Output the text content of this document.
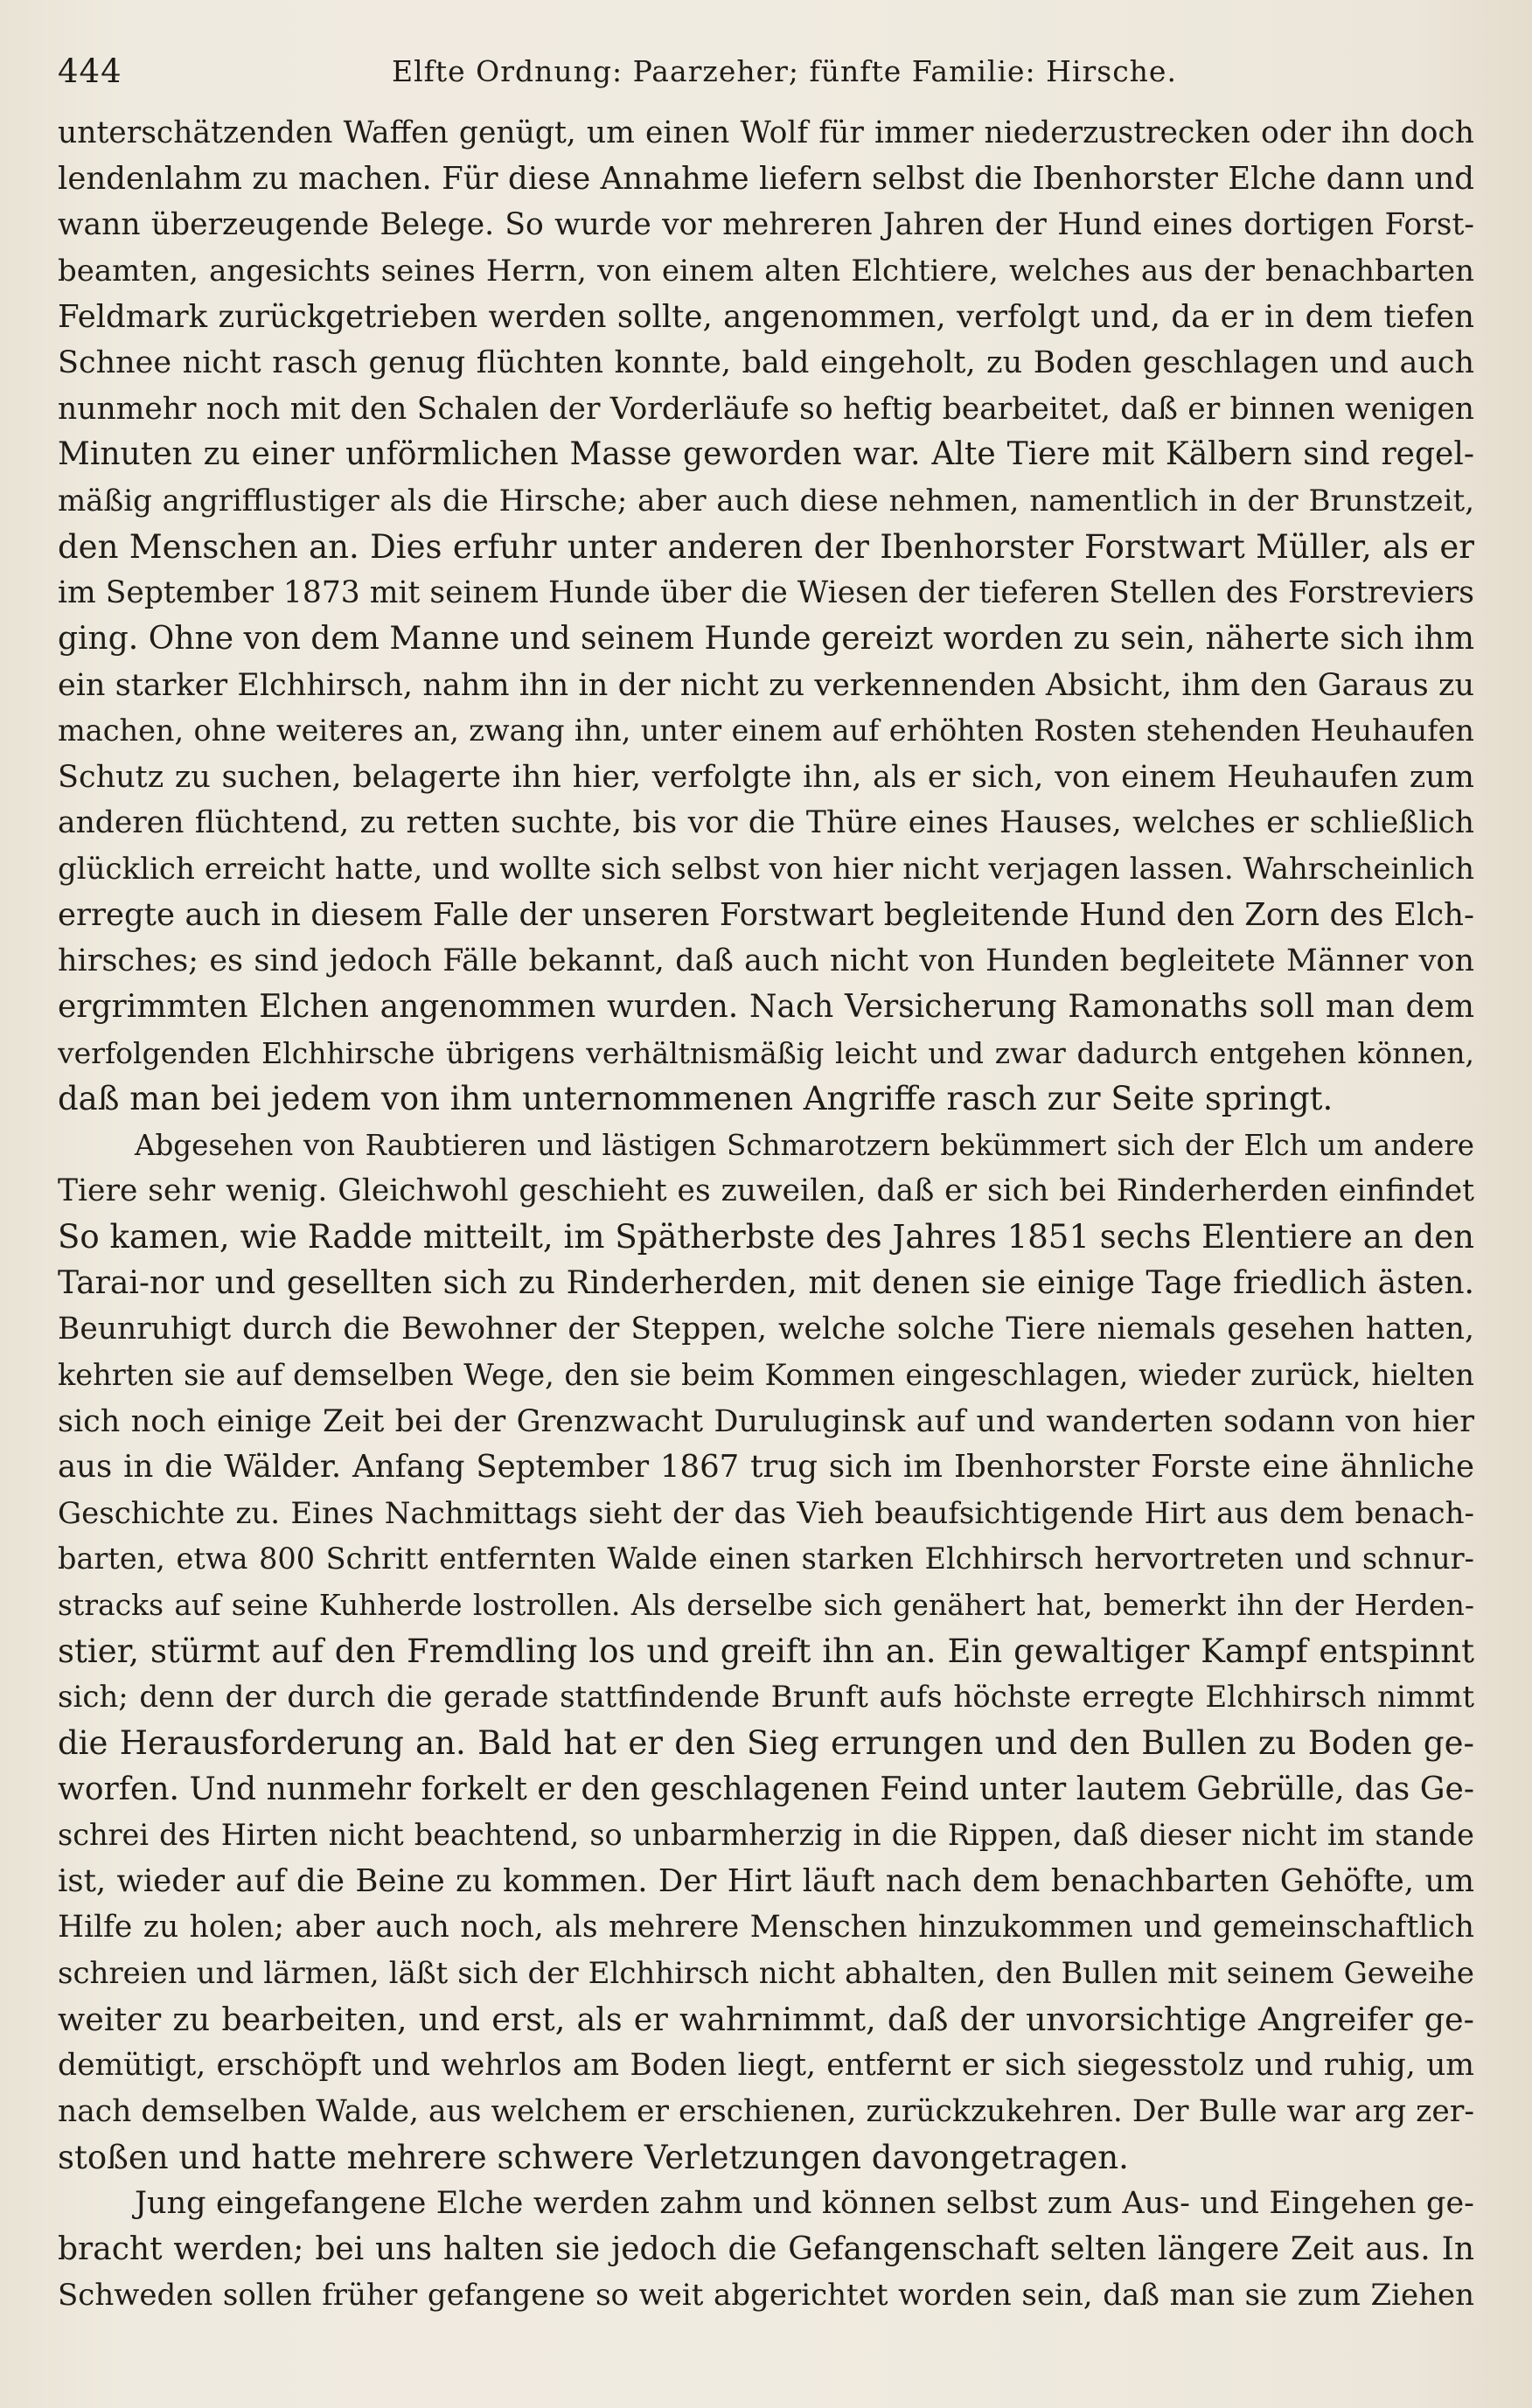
444	Elfte Ordnung: Paarzeher; fünfte Familie: Hirsche.
unterschätzenden Waffen genügt, um einen Wolf für immer niederzustrecken oder ihn doch
lendenlahm zu machen. Für diese Annahme liefern selbst die Ibenhorster Elche dann und
wann überzeugende Belege. So wurde vor mehreren Jahren der Hund eines dortigen Forst-
beamten, angesichts seines Herrn, von einem alten Elchtiere, welches aus der benachbarten
Feldmark zurückgetrieben werden sollte, angenommen, verfolgt und, da er in dem tiefen
Schnee nicht rasch genug flüchten konnte, bald eingeholt, zu Boden geschlagen und auch
nunmehr noch mit den Schalen der Vorderläufe so heftig bearbeitet, daß er binnen wenigen
Minuten zu einer unförmlichen Masse geworden war. Alte Tiere mit Kälbern sind regel-
mäßig angrifflustiger als die Hirsche; aber auch diese nehmen, namentlich in der Brunstzeit,
den Menschen an. Dies erfuhr unter anderen der Ibenhorster Forstwart Müller, als er
im September 1873 mit seinem Hunde über die Wiesen der tieferen Stellen des Forstreviers
ging. Ohne von dem Manne und seinem Hunde gereizt worden zu sein, näherte sich ihm
ein starker Elchhirsch, nahm ihn in der nicht zu verkennenden Absicht, ihm den Garaus zu
machen, ohne weiteres an, zwang ihn, unter einem auf erhöhten Rosten stehenden Heuhaufen
Schutz zu suchen, belagerte ihn hier, verfolgte ihn, als er sich, von einem Heuhaufen zum
anderen flüchtend, zu retten suchte, bis vor die Thüre eines Hauses, welches er schließlich
glücklich erreicht hatte, und wollte sich selbst von hier nicht verjagen lassen. Wahrscheinlich
erregte auch in diesem Falle der unseren Forstwart begleitende Hund den Zorn des Elch-
hirsches; es sind jedoch Fälle bekannt, daß auch nicht von Hunden begleitete Männer von
ergrimmten Elchen angenommen wurden. Nach Versicherung Ramonaths soll man dem
verfolgenden Elchhirsche übrigens verhältnismäßig leicht und zwar dadurch entgehen können,
daß man bei jedem von ihm unternommenen Angriffe rasch zur Seite springt.
Abgesehen von Raubtieren und lästigen Schmarotzern bekümmert sich der Elch um andere
Tiere sehr wenig. Gleichwohl geschieht es zuweilen, daß er sich bei Rinderherden einfindet
So kamen, wie Radde mitteilt, im Spätherbste des Jahres 1851 sechs Elentiere an den
Tarai-nor und gesellten sich zu Rinderherden, mit denen sie einige Tage friedlich ästen.
Beunruhigt durch die Bewohner der Steppen, welche solche Tiere niemals gesehen hatten,
kehrten sie auf demselben Wege, den sie beim Kommen eingeschlagen, wieder zurück, hielten
sich noch einige Zeit bei der Grenzwacht Duruluginsk auf und wanderten sodann von hier
aus in die Wälder. Anfang September 1867 trug sich im Ibenhorster Forste eine ähnliche
Geschichte zu. Eines Nachmittags sieht der das Vieh beaufsichtigende Hirt aus dem benach-
barten, etwa 800 Schritt entfernten Walde einen starken Elchhirsch hervortreten und schnur-
stracks auf seine Kuhherde lostrollen. Als derselbe sich genähert hat, bemerkt ihn der Herden-
stier, stürmt auf den Fremdling los und greift ihn an. Ein gewaltiger Kampf entspinnt
sich; denn der durch die gerade stattfindende Brunft aufs höchste erregte Elchhirsch nimmt
die Herausforderung an. Bald hat er den Sieg errungen und den Bullen zu Boden ge-
worfen. Und nunmehr forkelt er den geschlagenen Feind unter lautem Gebrülle, das Ge-
schrei des Hirten nicht beachtend, so unbarmherzig in die Rippen, daß dieser nicht im stande
ist, wieder auf die Beine zu kommen. Der Hirt läuft nach dem benachbarten Gehöfte, um
Hilfe zu holen; aber auch noch, als mehrere Menschen hinzukommen und gemeinschaftlich
schreien und lärmen, läßt sich der Elchhirsch nicht abhalten, den Bullen mit seinem Geweihe
weiter zu bearbeiten, und erst, als er wahrnimmt, daß der unvorsichtige Angreifer ge-
demütigt, erschöpft und wehrlos am Boden liegt, entfernt er sich siegesstolz und ruhig, um
nach demselben Walde, aus welchem er erschienen, zurückzukehren. Der Bulle war arg zer-
stoßen und hatte mehrere schwere Verletzungen davongetragen.
Jung eingefangene Elche werden zahm und können selbst zum Aus- und Eingehen ge-
bracht werden; bei uns halten sie jedoch die Gefangenschaft selten längere Zeit aus. In
Schweden sollen früher gefangene so weit abgerichtet worden sein, daß man sie zum Ziehen
